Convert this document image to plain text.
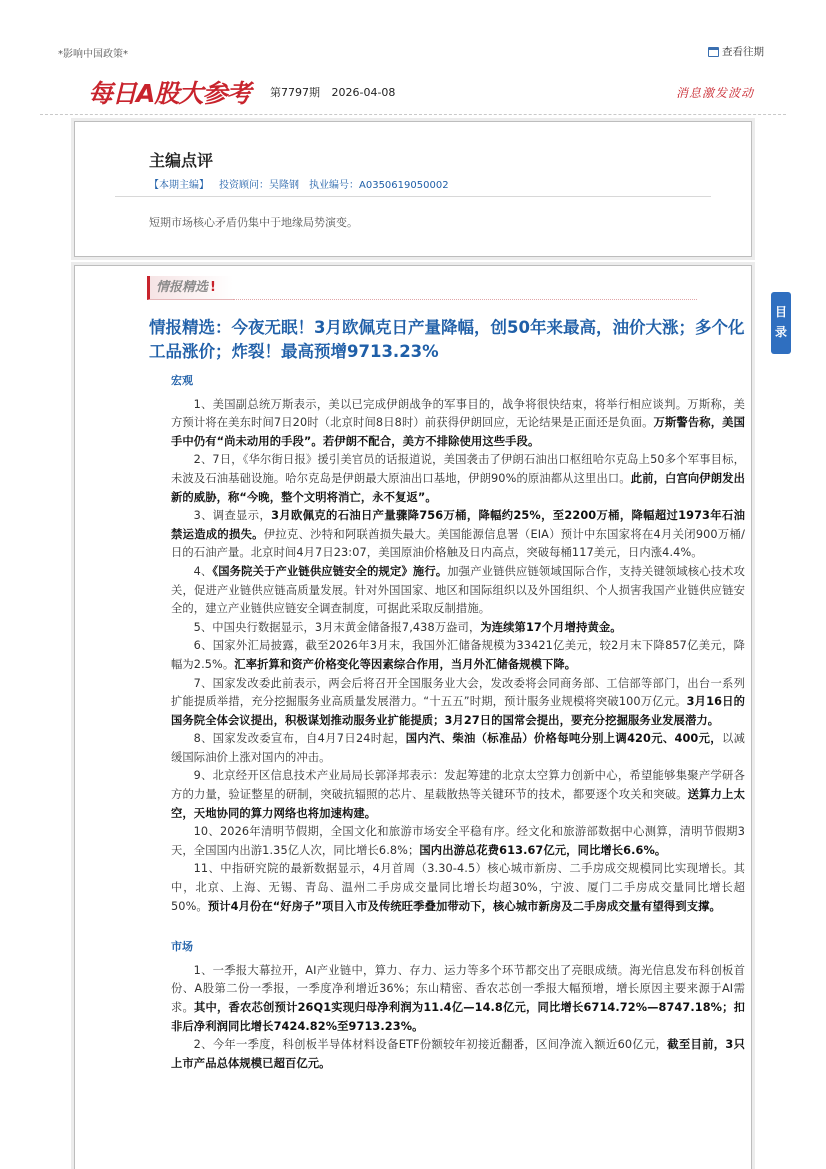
*影响中国政策*	查看往期
每日A股大参考 第7797期 2026-04-08	消息激发波动
主编点评
【本期主编】 投资顾问：吴隆钢 执业编号：A0350619050002
短期市场核心矛盾仍集中于地缘局势演变。
情报精选 !
情报精选：今夜无眠！3月欧佩克日产量降幅，创50年来最高，油价大涨；多个化工品涨价；炸裂！最高预增9713.23%
宏观
1、美国副总统万斯表示，美以已完成伊朗战争的军事目的，战争将很快结束，将举行相应谈判。万斯称，美方预计将在美东时间7日20时（北京时间8日8时）前获得伊朗回应，无论结果是正面还是负面。万斯警告称，美国手中仍有“尚未动用的手段”。若伊朗不配合，美方不排除使用这些手段。
2、7日，《华尔街日报》援引美官员的话报道说，美国袭击了伊朗石油出口枢纽哈尔克岛上50多个军事目标，未波及石油基础设施。哈尔克岛是伊朗最大原油出口基地，伊朗90%的原油都从这里出口。此前，白宫向伊朗发出新的威胁，称“今晚，整个文明将消亡，永不复返”。
3、调查显示，3月欧佩克的石油日产量骤降756万桶，降幅约25%，至2200万桶，降幅超过1973年石油禁运造成的损失。伊拉克、沙特和阿联酋损失最大。美国能源信息署（EIA）预计中东国家将在4月关闭900万桶/日的石油产量。北京时间4月7日23:07，美国原油价格触及日内高点，突破每桶117美元，日内涨4.4%。
4、《国务院关于产业链供应链安全的规定》施行。加强产业链供应链领域国际合作，支持关键领域核心技术攻关，促进产业链供应链高质量发展。针对外国国家、地区和国际组织以及外国组织、个人损害我国产业链供应链安全的，建立产业链供应链安全调查制度，可据此采取反制措施。
5、中国央行数据显示，3月末黄金储备报7,438万盎司，为连续第17个月增持黄金。
6、国家外汇局披露，截至2026年3月末，我国外汇储备规模为33421亿美元，较2月末下降857亿美元，降幅为2.5%。汇率折算和资产价格变化等因素综合作用，当月外汇储备规模下降。
7、国家发改委此前表示，两会后将召开全国服务业大会，发改委将会同商务部、工信部等部门，出台一系列扩能提质举措，充分挖掘服务业高质量发展潜力。“十五五”时期，预计服务业规模将突破100万亿元。3月16日的国务院全体会议提出，积极谋划推动服务业扩能提质；3月27日的国常会提出，要充分挖掘服务业发展潜力。
8、国家发改委宣布，自4月7日24时起，国内汽、柴油（标准品）价格每吨分别上调420元、400元，以减缓国际油价上涨对国内的冲击。
9、北京经开区信息技术产业局局长郭泽邦表示：发起筹建的北京太空算力创新中心，希望能够集聚产学研各方的力量，验证整星的研制，突破抗辐照的芯片、星载散热等关键环节的技术，都要逐个攻关和突破。送算力上太空，天地协同的算力网络也将加速构建。
10、2026年清明节假期，全国文化和旅游市场安全平稳有序。经文化和旅游部数据中心测算，清明节假期3天，全国国内出游1.35亿人次，同比增长6.8%；国内出游总花费613.67亿元，同比增长6.6%。
11、中指研究院的最新数据显示，4月首周（3.30-4.5）核心城市新房、二手房成交规模同比实现增长。其中，北京、上海、无锡、青岛、温州二手房成交量同比增长均超30%，宁波、厦门二手房成交量同比增长超50%。预计4月份在“好房子”项目入市及传统旺季叠加带动下，核心城市新房及二手房成交量有望得到支撑。
市场
1、一季报大幕拉开，AI产业链中，算力、存力、运力等多个环节都交出了亮眼成绩。海光信息发布科创板首份、A股第二份一季报，一季度净利增近36%；东山精密、香农芯创一季报大幅预增，增长原因主要来源于AI需求。其中，香农芯创预计26Q1实现归母净利润为11.4亿—14.8亿元，同比增长6714.72%—8747.18%；扣非后净利润同比增长7424.82%至9713.23%。
2、今年一季度，科创板半导体材料设备ETF份额较年初接近翻番，区间净流入额近60亿元，截至目前，3只上市产品总体规模已超百亿元。
目录
